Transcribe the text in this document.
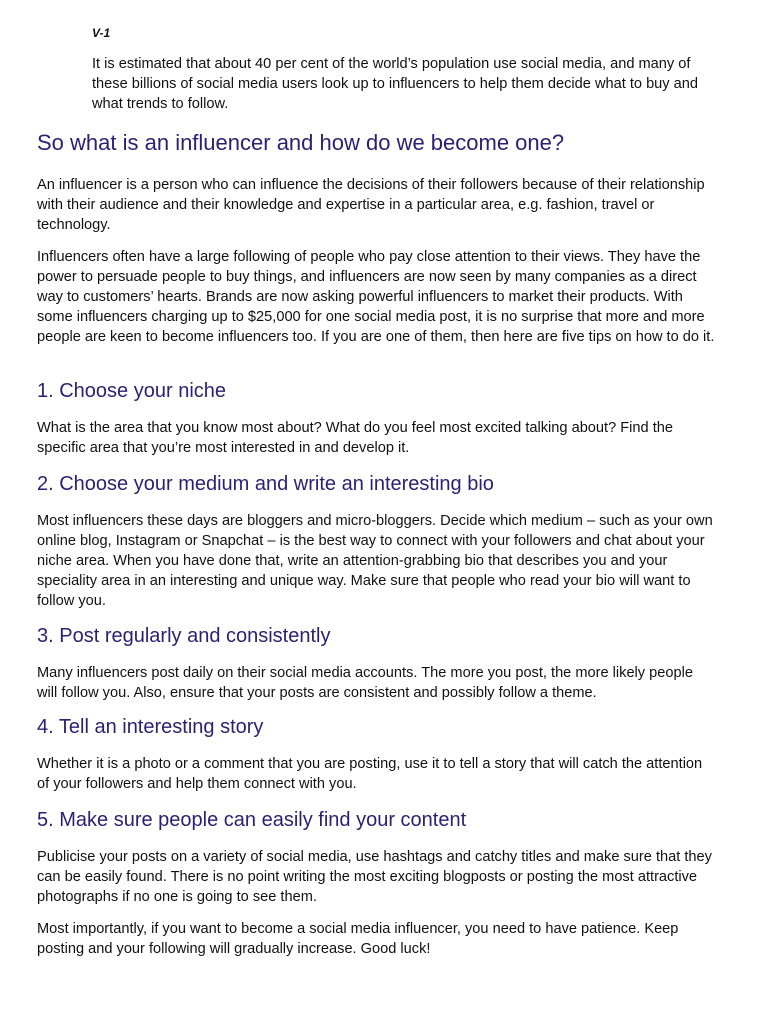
V-1

It is estimated that about 40 per cent of the world’s population use social media, and many of these billions of social media users look up to influencers to help them decide what to buy and what trends to follow.

So what is an influencer and how do we become one?

An influencer is a person who can influence the decisions of their followers because of their relationship with their audience and their knowledge and expertise in a particular area, e.g. fashion, travel or technology.

Influencers often have a large following of people who pay close attention to their views. They have the power to persuade people to buy things, and influencers are now seen by many companies as a direct way to customers’ hearts. Brands are now asking powerful influencers to market their products. With some influencers charging up to $25,000 for one social media post, it is no surprise that more and more people are keen to become influencers too. If you are one of them, then here are five tips on how to do it.

1. Choose your niche

What is the area that you know most about? What do you feel most excited talking about? Find the specific area that you’re most interested in and develop it.

2. Choose your medium and write an interesting bio

Most influencers these days are bloggers and micro-bloggers. Decide which medium – such as your own online blog, Instagram or Snapchat – is the best way to connect with your followers and chat about your niche area. When you have done that, write an attention-grabbing bio that describes you and your speciality area in an interesting and unique way. Make sure that people who read your bio will want to follow you.

3. Post regularly and consistently

Many influencers post daily on their social media accounts. The more you post, the more likely people will follow you. Also, ensure that your posts are consistent and possibly follow a theme.

4. Tell an interesting story

Whether it is a photo or a comment that you are posting, use it to tell a story that will catch the attention of your followers and help them connect with you.

5. Make sure people can easily find your content

Publicise your posts on a variety of social media, use hashtags and catchy titles and make sure that they can be easily found. There is no point writing the most exciting blogposts or posting the most attractive photographs if no one is going to see them.

Most importantly, if you want to become a social media influencer, you need to have patience. Keep posting and your following will gradually increase. Good luck!
